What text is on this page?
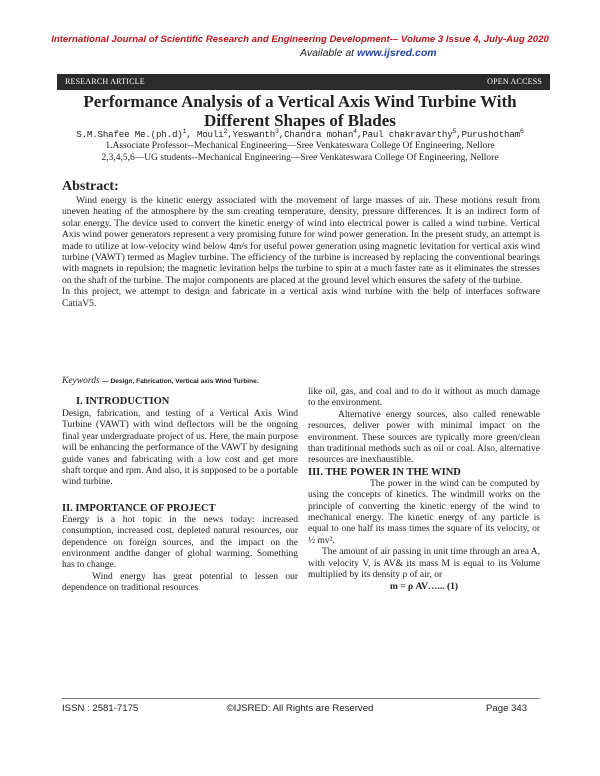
International Journal of Scientific Research and Engineering Development-– Volume 3 Issue 4, July-Aug 2020
Available at www.ijsred.com
RESEARCH ARTICLE	OPEN ACCESS
Performance Analysis of a Vertical Axis Wind Turbine With
Different Shapes of Blades
S.M.Shafee $Me.(ph.d)^1$, Mouli$^2$,Yeswanth$^3$,Chandra mohan$^4$,Paul chakravarthy$^5$,Purushotham$^6$
1.Associate Professor--Mechanical Engineering—Sree Venkateswara College Of Engineering, Nellore
2,3,4,5,6—UG students--Mechanical Engineering—Sree Venkateswara College Of Engineering, Nellore
Abstract:

Wind energy is the kinetic energy associated with the movement of large masses of air. These motions result from uneven heating of the atmosphere by the sun creating temperature, density, pressure differences. It is an indirect form of solar energy. The device used to convert the kinetic energy of wind into electrical power is called a wind turbine. Vertical Axis wind power generators represent a very promising future for wind power generation. In the present study, an attempt is made to utilize at low-velocity wind below 4m/s for useful power generation using magnetic levitation for vertical axis wind turbine (VAWT) termed as Maglev turbine. The efficiency of the turbine is increased by replacing the conventional bearings with magnets in repulsion; the magnetic levitation helps the turbine to spin at a much faster rate as it eliminates the stresses on the shaft of the turbine. The major components are placed at the ground level which ensures the safety of the turbine.

In this project, we attempt to design and fabricate in a vertical axis wind turbine with the help of interfaces software CatiaV5.

Keywords — Design, Fabrication, Vertical axis Wind Turbine.
I. INTRODUCTION

Design, fabrication, and testing of a Vertical Axis Wind Turbine (VAWT) with wind deflectors will be the ongoing final year undergraduate project of us. Here, the main purpose will be enhancing the performance of the VAWT by designing guide vanes and fabricating with a low cost and get more shaft torque and rpm. And also, it is supposed to be a portable wind turbine.

II. IMPORTANCE OF PROJECT

Energy is a hot topic in the news today: increased consumption, increased cost, depleted natural resources, our dependence on foreign sources, and the impact on the environment andthe danger of global warming. Something has to change.

Wind energy has great potential to lessen our dependence on traditional resources

like oil, gas, and coal and to do it without as much damage to the environment.

Alternative energy sources, also called renewable resources, deliver power with minimal impact on the environment. These sources are typically more green/clean than traditional methods such as oil or coal. Also, alternative resources are inexhaustible.

III. THE POWER IN THE WIND

The power in the wind can be computed by using the concepts of kinetics. The windmill works on the principle of converting the kinetic energy of the wind to mechanical energy. The kinetic energy of any particle is equal to one half its mass times the square of its velocity, or ½ mv².

The amount of air passing in unit time through an area A, with velocity V, is AV& its mass M is equal to its Volume multiplied by its density ρ of air, or

m = ρ AV…... (1)
ISSN : 2581-7175	©IJSRED: All Rights are Reserved	Page 343
